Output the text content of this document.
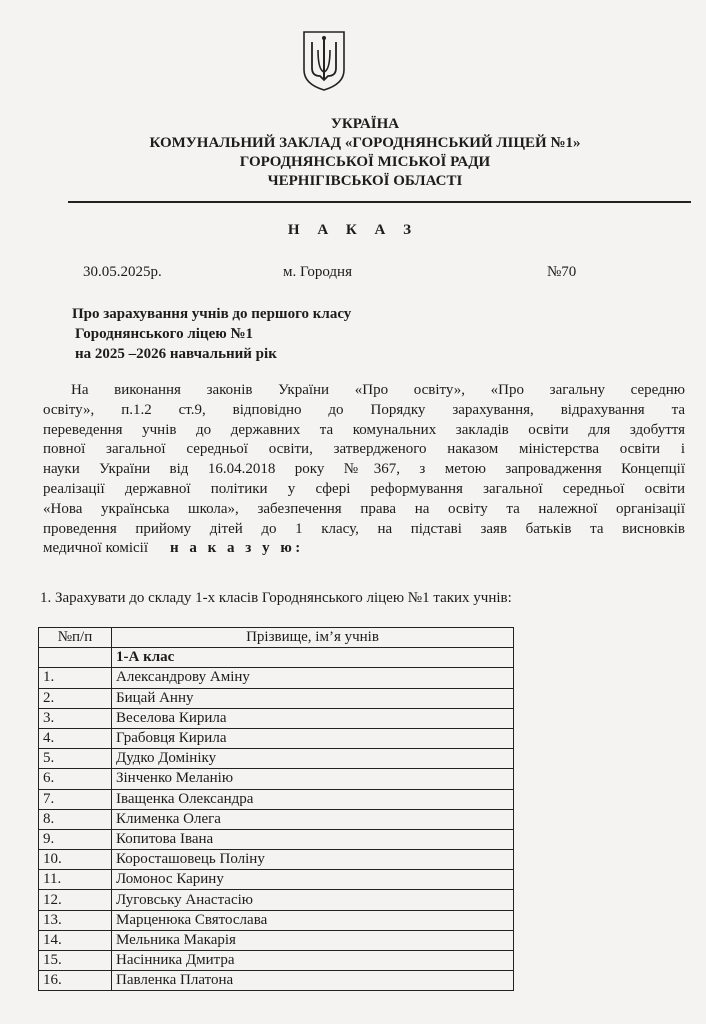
УКРАЇНА
КОМУНАЛЬНИЙ ЗАКЛАД «ГОРОДНЯНСЬКИЙ ЛІЦЕЙ №1»
ГОРОДНЯНСЬКОЇ МІСЬКОЇ РАДИ
ЧЕРНІГІВСЬКОЇ ОБЛАСТІ
Н А К А З
30.05.2025р.	м. Городня	№70
Про зарахування учнів до першого класу
Городнянського ліцею №1
на 2025 –2026 навчальний рік
На виконання законів України «Про освіту», «Про загальну середню
освіту», п.1.2 ст.9, відповідно до Порядку зарахування, відрахування та
переведення учнів до державних та комунальних закладів освіти для здобуття
повної загальної середньої освіти, затвердженого наказом міністерства освіти і
науки України від 16.04.2018 року №367, з метою запровадження Концепції
реалізації державної політики у сфері реформування загальної середньої освіти
«Нова українська школа», забезпечення права на освіту та належної організації
проведення прийому дітей до 1 класу, на підставі заяв батьків та висновків
медичної комісії н а к а з у ю:
1. Зарахувати до складу 1-х класів Городнянського ліцею №1 таких учнів:
№п/п	Прізвище, ім’я учнів
	1-А клас
1.	Александрову Аміну
2.	Бицай Анну
3.	Веселова Кирила
4.	Грабовця Кирила
5.	Дудко Домініку
6.	Зінченко Меланію
7.	Іващенка Олександра
8.	Клименка Олега
9.	Копитова Івана
10.	Коросташовець Поліну
11.	Ломонос Карину
12.	Луговську Анастасію
13.	Марценюка Святослава
14.	Мельника Макарія
15.	Насінника Дмитра
16.	Павленка Платона
